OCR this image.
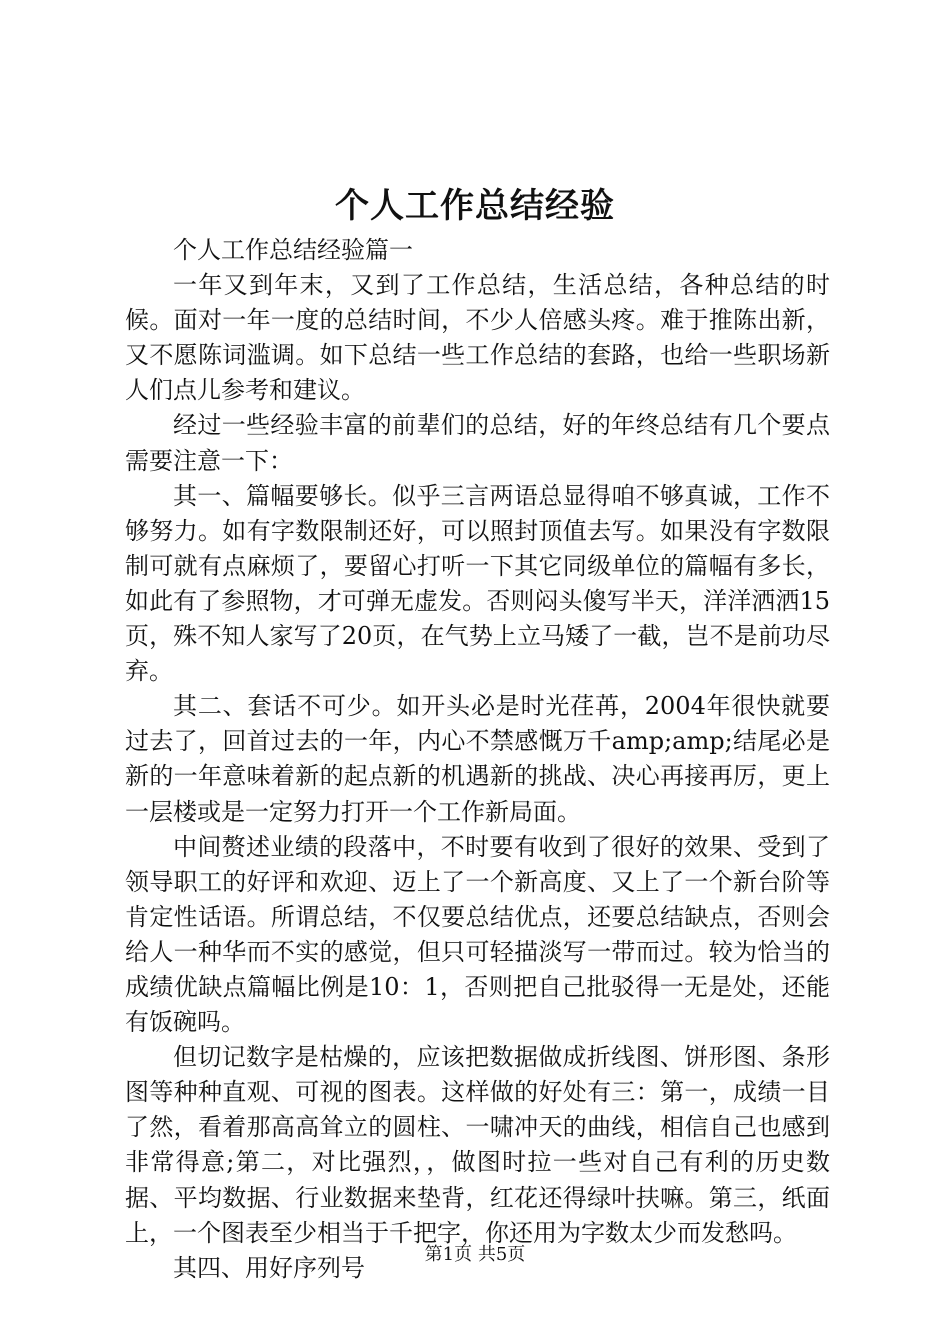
个人工作总结经验

个人工作总结经验篇一

一年又到年末，又到了工作总结，生活总结，各种总结的时候。面对一年一度的总结时间，不少人倍感头疼。难于推陈出新，又不愿陈词滥调。如下总结一些工作总结的套路，也给一些职场新人们点儿参考和建议。

经过一些经验丰富的前辈们的总结，好的年终总结有几个要点需要注意一下：

其一、篇幅要够长。似乎三言两语总显得咱不够真诚，工作不够努力。如有字数限制还好，可以照封顶值去写。如果没有字数限制可就有点麻烦了，要留心打听一下其它同级单位的篇幅有多长，如此有了参照物，才可弹无虚发。否则闷头傻写半天，洋洋洒洒15页，殊不知人家写了20页，在气势上立马矮了一截，岂不是前功尽弃。

其二、套话不可少。如开头必是时光荏苒，2004年很快就要过去了，回首过去的一年，内心不禁感慨万千amp;amp;结尾必是新的一年意味着新的起点新的机遇新的挑战、决心再接再厉，更上一层楼或是一定努力打开一个工作新局面。

中间赘述业绩的段落中，不时要有收到了很好的效果、受到了领导职工的好评和欢迎、迈上了一个新高度、又上了一个新台阶等肯定性话语。所谓总结，不仅要总结优点，还要总结缺点，否则会给人一种华而不实的感觉，但只可轻描淡写一带而过。较为恰当的成绩优缺点篇幅比例是10：1，否则把自己批驳得一无是处，还能有饭碗吗。

但切记数字是枯燥的，应该把数据做成折线图、饼形图、条形图等种种直观、可视的图表。这样做的好处有三：第一，成绩一目了然，看着那高高耸立的圆柱、一啸冲天的曲线，相信自己也感到非常得意;第二，对比强烈，，做图时拉一些对自己有利的历史数据、平均数据、行业数据来垫背，红花还得绿叶扶嘛。第三，纸面上，一个图表至少相当于千把字，你还用为字数太少而发愁吗。

其四、用好序列号	第1页 共5页
